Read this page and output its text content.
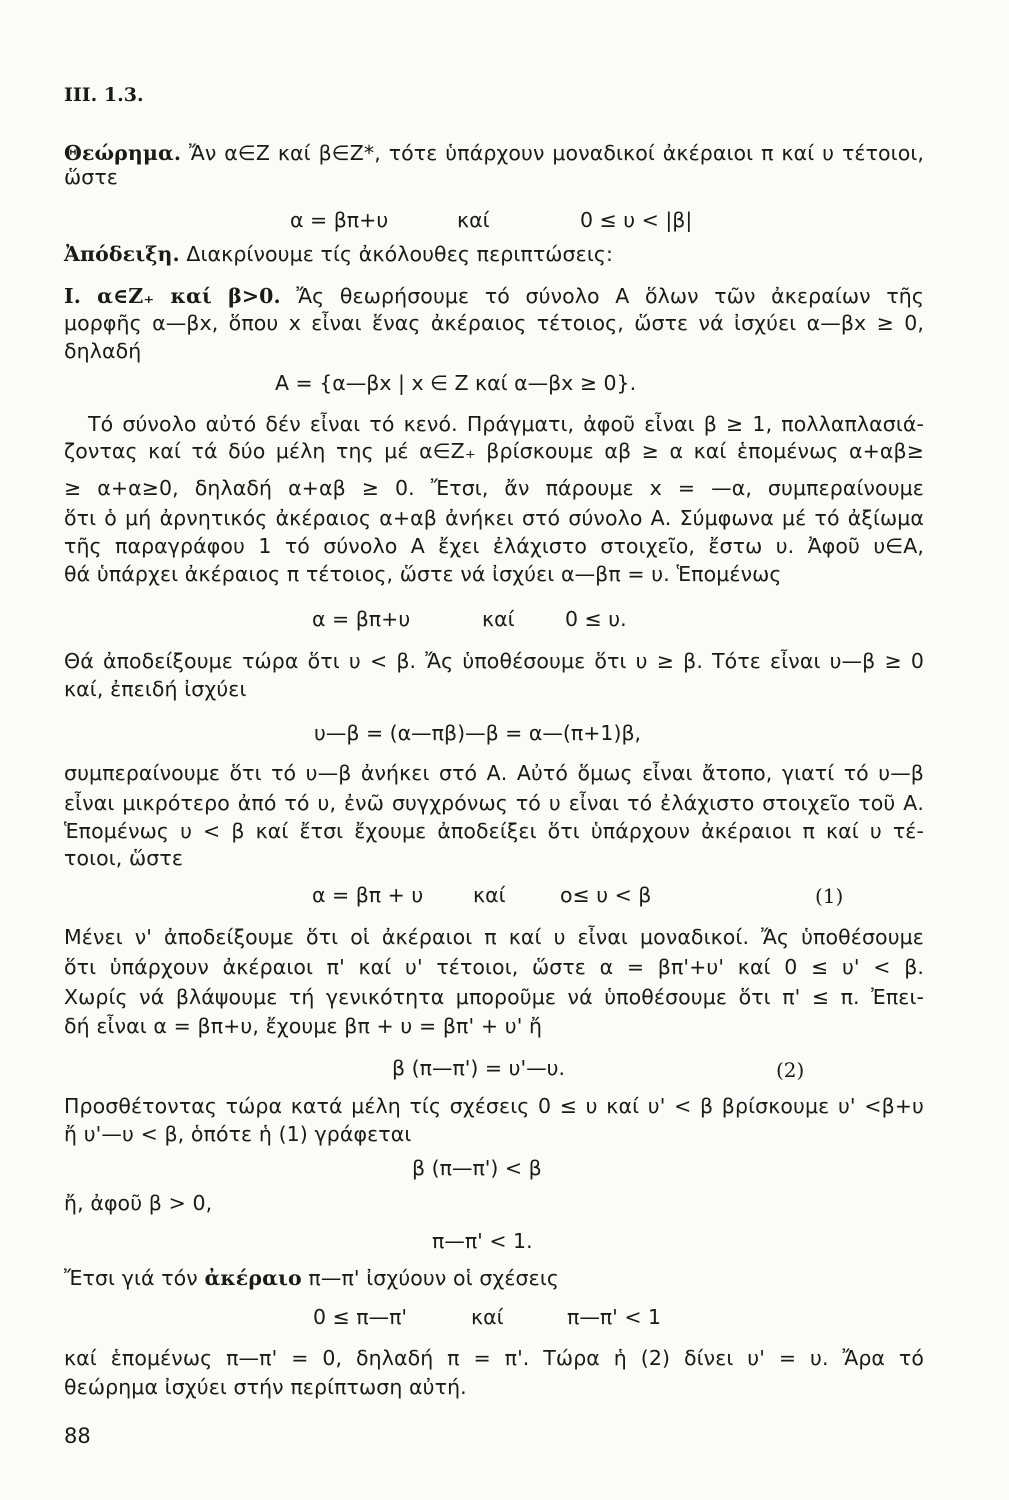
III. 1.3.
Θεώρημα. Ἄν α∈Z καί β∈Z*, τότε ὑπάρχουν μοναδικοί ἀκέραιοι π καί υ τέτοιοι,
ὥστε
α = βπ+υ	καί	0 ≤ υ < |β|
Ἀπόδειξη. Διακρίνουμε τίς ἀκόλουθες περιπτώσεις:
I. α∈Z₊ καί β>0. Ἄς θεωρήσουμε τό σύνολο Α ὅλων τῶν ἀκεραίων τῆς
μορφῆς α—βx, ὅπου x εἶναι ἕνας ἀκέραιος τέτοιος, ὥστε νά ἰσχύει α—βx ≥ 0,
δηλαδή
Α = {α—βx | x ∈ Z καί α—βx ≥ 0}.
Τό σύνολο αὐτό δέν εἶναι τό κενό. Πράγματι, ἀφοῦ εἶναι β ≥ 1, πολλαπλασιά-
ζοντας καί τά δύο μέλη της μέ α∈Z₊ βρίσκουμε αβ ≥ α καί ἑπομένως α+αβ≥
≥ α+α≥0, δηλαδή α+αβ ≥ 0. Ἔτσι, ἄν πάρουμε x = —α, συμπεραίνουμε
ὅτι ὁ μή ἀρνητικός ἀκέραιος α+αβ ἀνήκει στό σύνολο Α. Σύμφωνα μέ τό ἀξίωμα
τῆς παραγράφου 1 τό σύνολο Α ἔχει ἐλάχιστο στοιχεῖο, ἔστω υ. Ἀφοῦ υ∈Α,
θά ὑπάρχει ἀκέραιος π τέτοιος, ὥστε νά ἰσχύει α—βπ = υ. Ἑπομένως
α = βπ+υ	καί 0 ≤ υ.
Θά ἀποδείξουμε τώρα ὅτι υ < β. Ἄς ὑποθέσουμε ὅτι υ ≥ β. Τότε εἶναι υ—β ≥ 0
καί, ἐπειδή ἰσχύει
υ—β = (α—πβ)—β = α—(π+1)β,
συμπεραίνουμε ὅτι τό υ—β ἀνήκει στό Α. Αὐτό ὅμως εἶναι ἄτοπο, γιατί τό υ—β
εἶναι μικρότερο ἀπό τό υ, ἐνῶ συγχρόνως τό υ εἶναι τό ἐλάχιστο στοιχεῖο τοῦ Α.
Ἑπομένως υ < β καί ἔτσι ἔχουμε ἀποδείξει ὅτι ὑπάρχουν ἀκέραιοι π καί υ τέ-
τοιοι, ὥστε
α = βπ + υ καί	ο≤ υ < β	(1)
Μένει ν' ἀποδείξουμε ὅτι οἱ ἀκέραιοι π καί υ εἶναι μοναδικοί. Ἄς ὑποθέσουμε
ὅτι ὑπάρχουν ἀκέραιοι π' καί υ' τέτοιοι, ὥστε α = βπ'+υ' καί 0 ≤ υ' < β.
Χωρίς νά βλάψουμε τή γενικότητα μποροῦμε νά ὑποθέσουμε ὅτι π' ≤ π. Ἐπει-
δή εἶναι α = βπ+υ, ἔχουμε βπ + υ = βπ' + υ' ἤ
β (π—π') = υ'—υ.	(2)
Προσθέτοντας τώρα κατά μέλη τίς σχέσεις 0 ≤ υ καί υ' < β βρίσκουμε υ' <β+υ
ἤ υ'—υ < β, ὁπότε ἡ (1) γράφεται
β (π—π') < β
ἤ, ἀφοῦ β > 0,
π—π' < 1.
Ἔτσι γιά τόν ἀκέραιο π—π' ἰσχύουν οἱ σχέσεις
0 ≤ π—π'	καί	π—π' < 1
καί ἑπομένως π—π' = 0, δηλαδή π = π'. Τώρα ἡ (2) δίνει υ' = υ. Ἄρα τό
θεώρημα ἰσχύει στήν περίπτωση αὐτή.
88
